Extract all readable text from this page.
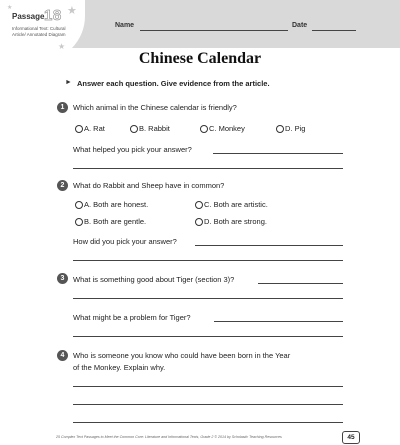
Passage 18 ★
★
★
Informational Text: Cultural Article/ Annotated Diagram
Name	Date
Chinese Calendar
► Answer each question. Give evidence from the article.
1	Which animal in the Chinese calendar is friendly?
A. Rat	B. Rabbit	C. Monkey	D. Pig
What helped you pick your answer?
2	What do Rabbit and Sheep have in common?
A. Both are honest.	C. Both are artistic.
B. Both are gentle.	D. Both are strong.
How did you pick your answer?
3	What is something good about Tiger (section 3)?
What might be a problem for Tiger?
4	Who is someone you know who could have been born in the Year
of the Monkey. Explain why.
25 Complex Text Passages to Meet the Common Core: Literature and Informational Texts, Grade 2 © 2014 by Scholastic Teaching Resources	45
